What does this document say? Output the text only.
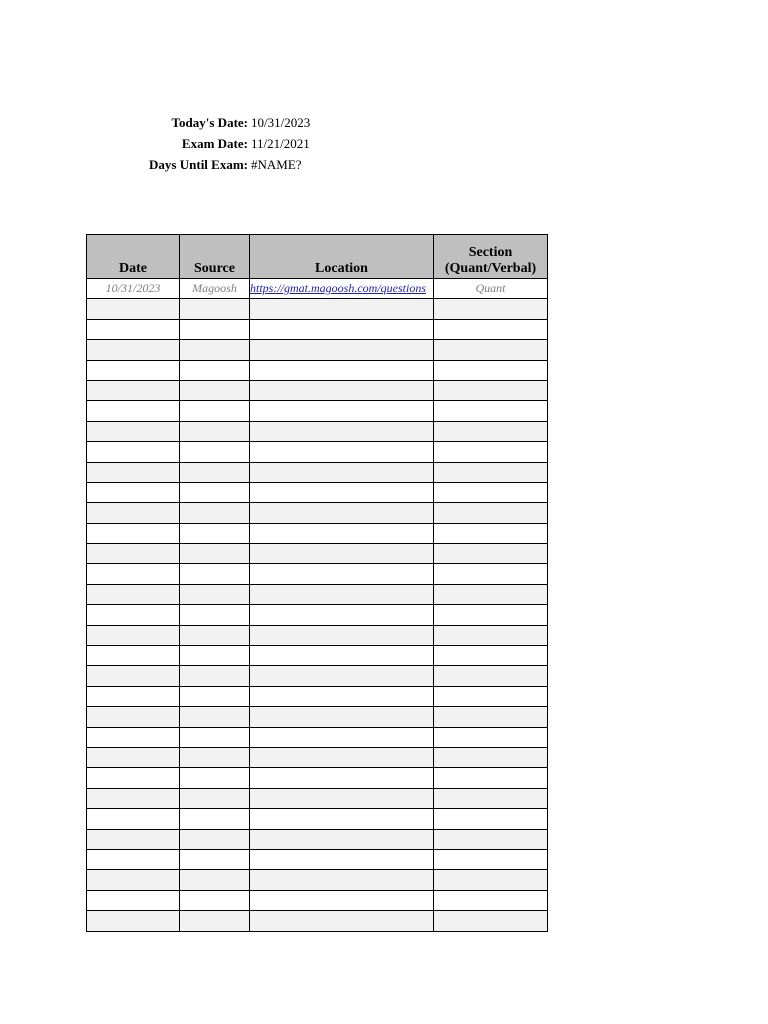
Today's Date: 10/31/2023
Exam Date: 11/21/2021
Days Until Exam: #NAME?
Date	Source	Location	Section
(Quant/Verbal)
10/31/2023	Magoosh	https://gmat.magoosh.com/questions	Quant
